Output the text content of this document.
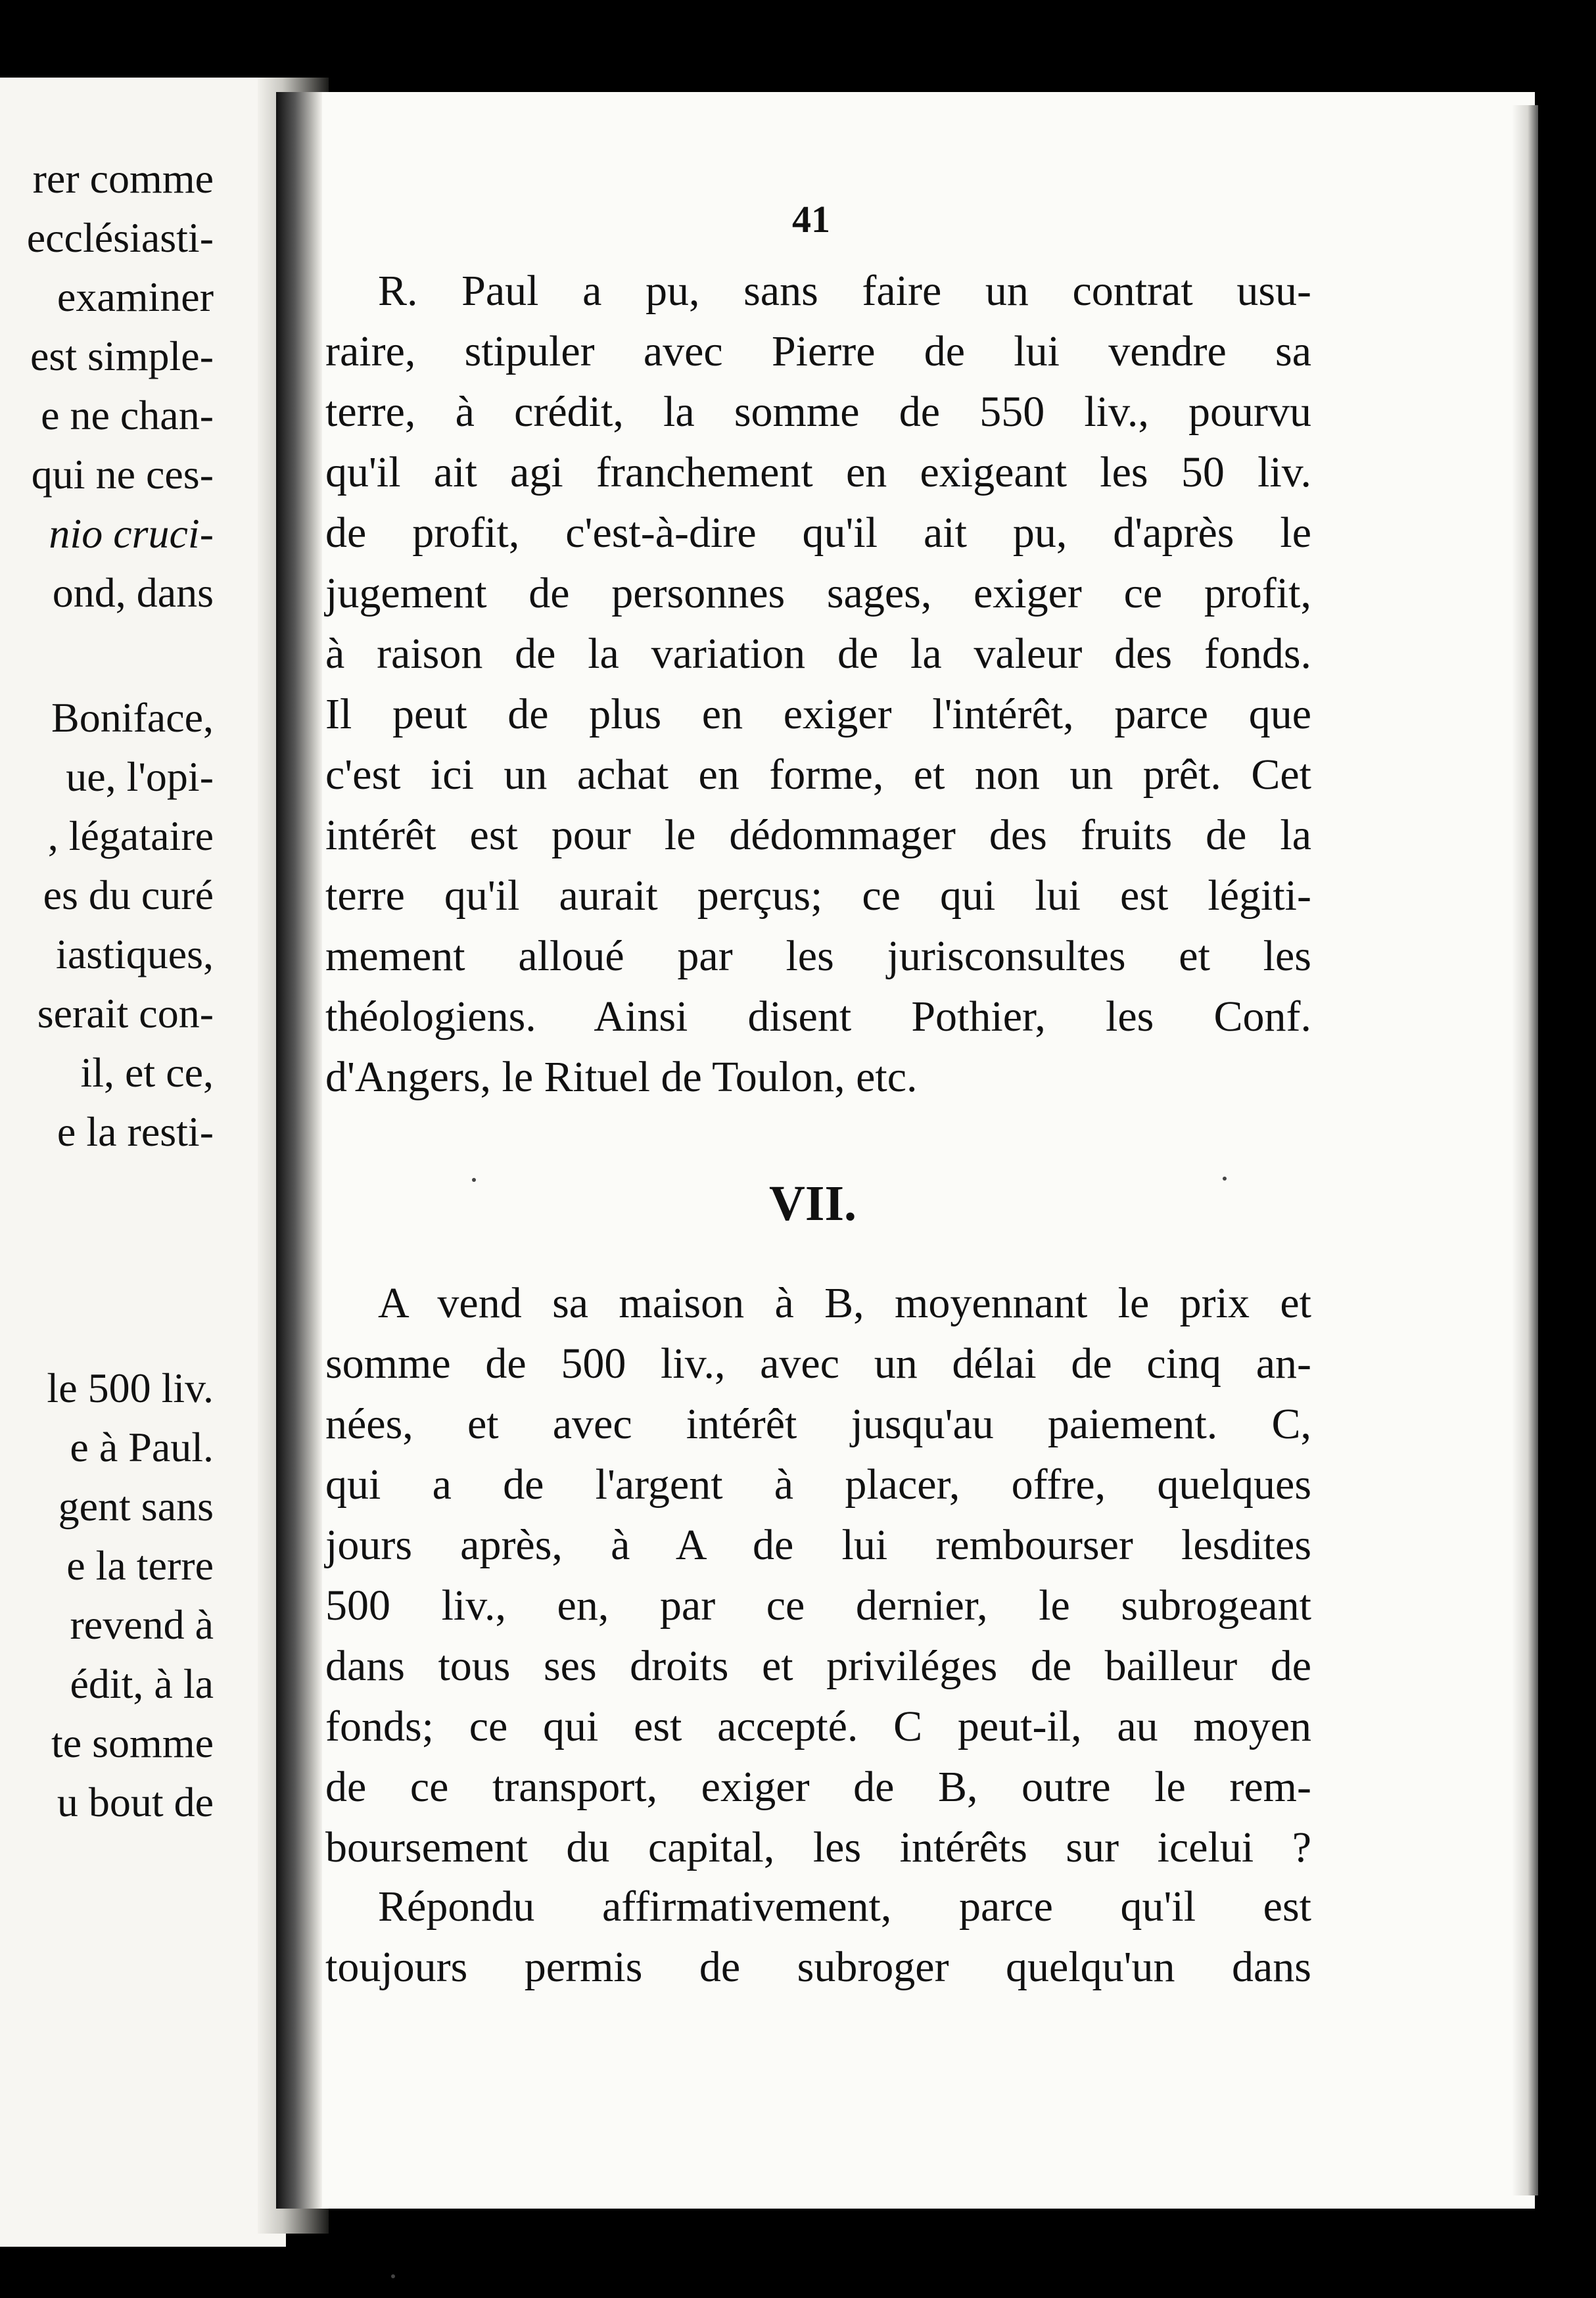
rer comme
ecclésiasti-
examiner
est simple-
e ne chan-
qui ne ces-
nio cruci-
ond, dans
Boniface,
ue, l'opi-
, légataire
es du curé
iastiques,
serait con-
il, et ce,
e la resti-
le 500 liv.
e à Paul.
gent sans
e la terre
revend à
édit, à la
te somme
u bout de
41
R. Paul a pu, sans faire un contrat usu-
raire, stipuler avec Pierre de lui vendre sa
terre, à crédit, la somme de 550 liv., pourvu
qu'il ait agi franchement en exigeant les 50 liv.
de profit, c'est-à-dire qu'il ait pu, d'après le
jugement de personnes sages, exiger ce profit,
à raison de la variation de la valeur des fonds.
Il peut de plus en exiger l'intérêt, parce que
c'est ici un achat en forme, et non un prêt. Cet
intérêt est pour le dédommager des fruits de la
terre qu'il aurait perçus; ce qui lui est légiti-
mement alloué par les jurisconsultes et les
théologiens. Ainsi disent Pothier, les Conf.
d'Angers, le Rituel de Toulon, etc.
VII.
A vend sa maison à B, moyennant le prix et
somme de 500 liv., avec un délai de cinq an-
nées, et avec intérêt jusqu'au paiement. C,
qui a de l'argent à placer, offre, quelques
jours après, à A de lui rembourser lesdites
500 liv., en, par ce dernier, le subrogeant
dans tous ses droits et priviléges de bailleur de
fonds; ce qui est accepté. C peut-il, au moyen
de ce transport, exiger de B, outre le rem-
boursement du capital, les intérêts sur icelui ?
Répondu affirmativement, parce qu'il est
toujours permis de subroger quelqu'un dans
